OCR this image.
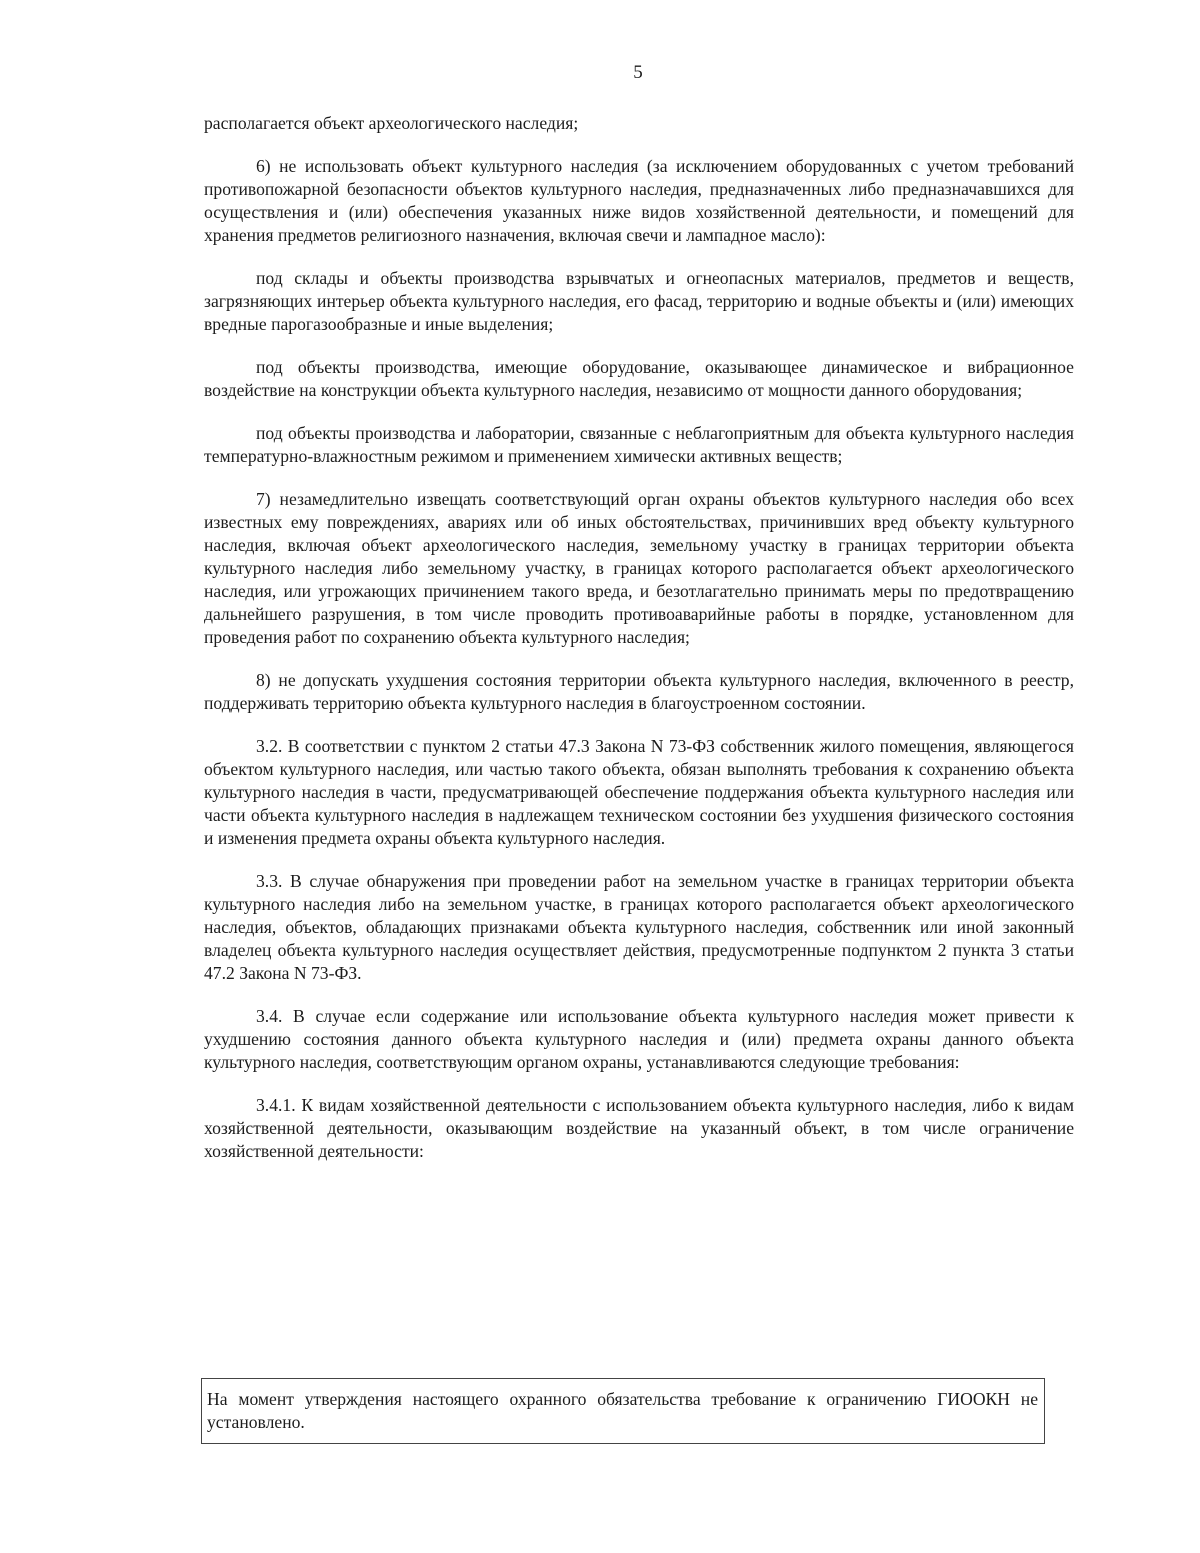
5

располагается объект археологического наследия;

6) не использовать объект культурного наследия (за исключением оборудованных с учетом требований противопожарной безопасности объектов культурного наследия, предназначенных либо предназначавшихся для осуществления и (или) обеспечения указанных ниже видов хозяйственной деятельности, и помещений для хранения предметов религиозного назначения, включая свечи и лампадное масло):

под склады и объекты производства взрывчатых и огнеопасных материалов, предметов и веществ, загрязняющих интерьер объекта культурного наследия, его фасад, территорию и водные объекты и (или) имеющих вредные парогазообразные и иные выделения;

под объекты производства, имеющие оборудование, оказывающее динамическое и вибрационное воздействие на конструкции объекта культурного наследия, независимо от мощности данного оборудования;

под объекты производства и лаборатории, связанные с неблагоприятным для объекта культурного наследия температурно-влажностным режимом и применением химически активных веществ;

7) незамедлительно извещать соответствующий орган охраны объектов культурного наследия обо всех известных ему повреждениях, авариях или об иных обстоятельствах, причинивших вред объекту культурного наследия, включая объект археологического наследия, земельному участку в границах территории объекта культурного наследия либо земельному участку, в границах которого располагается объект археологического наследия, или угрожающих причинением такого вреда, и безотлагательно принимать меры по предотвращению дальнейшего разрушения, в том числе проводить противоаварийные работы в порядке, установленном для проведения работ по сохранению объекта культурного наследия;

8) не допускать ухудшения состояния территории объекта культурного наследия, включенного в реестр, поддерживать территорию объекта культурного наследия в благоустроенном состоянии.

3.2. В соответствии с пунктом 2 статьи 47.3 Закона N 73-ФЗ собственник жилого помещения, являющегося объектом культурного наследия, или частью такого объекта, обязан выполнять требования к сохранению объекта культурного наследия в части, предусматривающей обеспечение поддержания объекта культурного наследия или части объекта культурного наследия в надлежащем техническом состоянии без ухудшения физического состояния и изменения предмета охраны объекта культурного наследия.

3.3. В случае обнаружения при проведении работ на земельном участке в границах территории объекта культурного наследия либо на земельном участке, в границах которого располагается объект археологического наследия, объектов, обладающих признаками объекта культурного наследия, собственник или иной законный владелец объекта культурного наследия осуществляет действия, предусмотренные подпунктом 2 пункта 3 статьи 47.2 Закона N 73-ФЗ.

3.4. В случае если содержание или использование объекта культурного наследия может привести к ухудшению состояния данного объекта культурного наследия и (или) предмета охраны данного объекта культурного наследия, соответствующим органом охраны, устанавливаются следующие требования:

3.4.1. К видам хозяйственной деятельности с использованием объекта культурного наследия, либо к видам хозяйственной деятельности, оказывающим воздействие на указанный объект, в том числе ограничение хозяйственной деятельности:

На момент утверждения настоящего охранного обязательства требование к ограничению ГИООКН не установлено.
